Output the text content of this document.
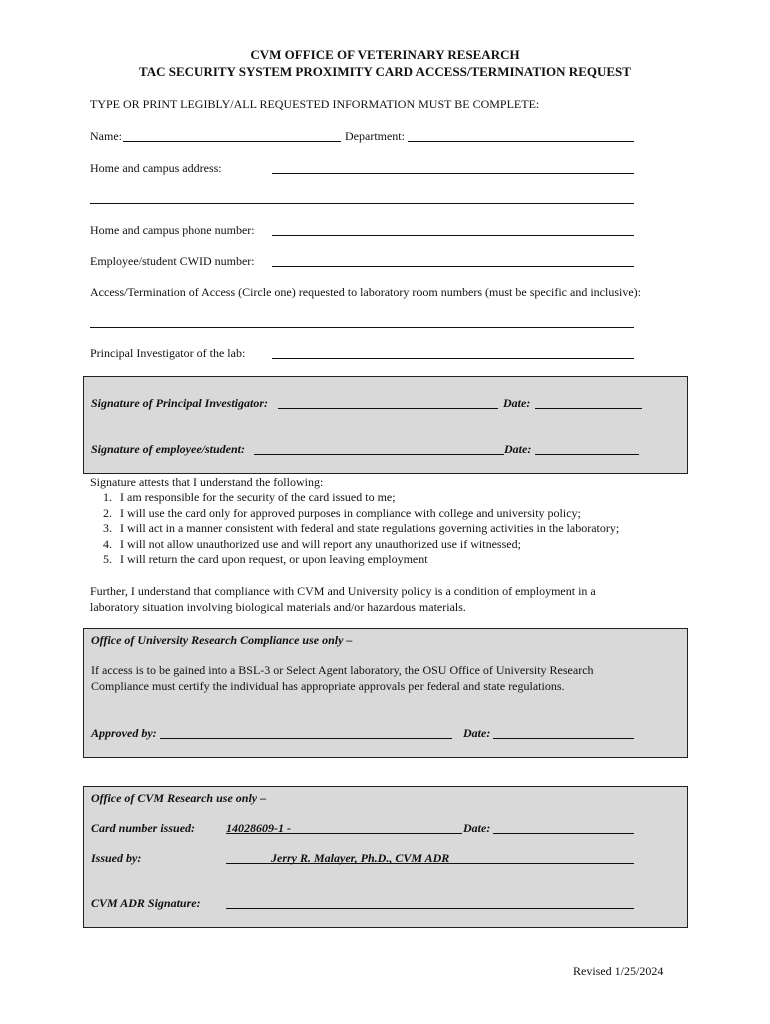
CVM OFFICE OF VETERINARY RESEARCH
TAC SECURITY SYSTEM PROXIMITY CARD ACCESS/TERMINATION REQUEST
TYPE OR PRINT LEGIBLY/ALL REQUESTED INFORMATION MUST BE COMPLETE:
Name:	Department:
Home and campus address:
Home and campus phone number:
Employee/student CWID number:
Access/Termination of Access (Circle one) requested to laboratory room numbers (must be specific and inclusive):
Principal Investigator of the lab:
Signature of Principal Investigator:	Date:
Signature of employee/student:	Date:
Signature attests that I understand the following:
1. I am responsible for the security of the card issued to me;
2. I will use the card only for approved purposes in compliance with college and university policy;
3. I will act in a manner consistent with federal and state regulations governing activities in the laboratory;
4. I will not allow unauthorized use and will report any unauthorized use if witnessed;
5. I will return the card upon request, or upon leaving employment
Further, I understand that compliance with CVM and University policy is a condition of employment in a
laboratory situation involving biological materials and/or hazardous materials.
Office of University Research Compliance use only –
If access is to be gained into a BSL-3 or Select Agent laboratory, the OSU Office of University Research
Compliance must certify the individual has appropriate approvals per federal and state regulations.
Approved by:	Date:
Office of CVM Research use only –
Card number issued:	14028609-1 -	Date:
Issued by:	Jerry R. Malayer, Ph.D., CVM ADR
CVM ADR Signature:
Revised 1/25/2024
